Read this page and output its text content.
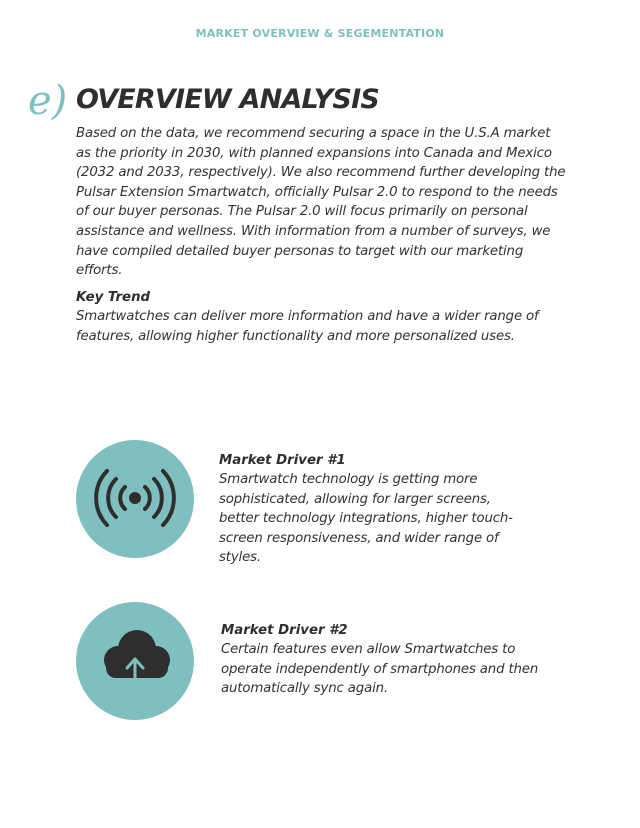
MARKET OVERVIEW & SEGEMENTATION
e) OVERVIEW ANALYSIS

Based on the data, we recommend securing a space in the U.S.A market as the priority in 2030, with planned expansions into Canada and Mexico (2032 and 2033, respectively). We also recommend further developing the Pulsar Extension Smartwatch, officially Pulsar 2.0 to respond to the needs of our buyer personas. The Pulsar 2.0 will focus primarily on personal assistance and wellness. With information from a number of surveys, we have compiled detailed buyer personas to target with our marketing efforts.

Key Trend

Smartwatches can deliver more information and have a wider range of features, allowing higher functionality and more personalized uses.

Market Driver #1

Smartwatch technology is getting more sophisticated, allowing for larger screens, better technology integrations, higher touch-screen responsiveness, and wider range of styles.

Market Driver #2

Certain features even allow Smartwatches to operate independently of smartphones and then automatically sync again.
